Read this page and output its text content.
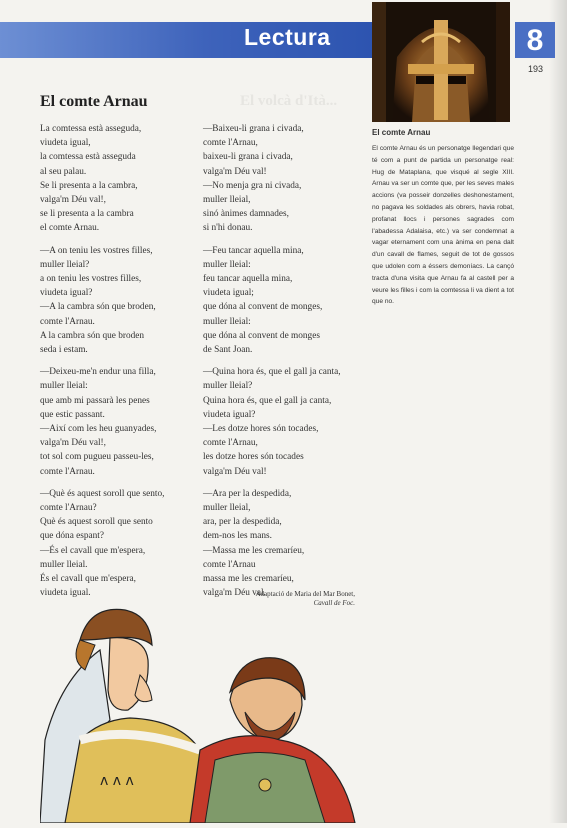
Lectura	8
193
El volcà d'Ità...
El comte Arnau
La comtessa està asseguda,
viudeta igual,
la comtessa està asseguda
al seu palau.
Se li presenta a la cambra,
valga'm Déu val!,
se li presenta a la cambra
el comte Arnau.
—A on teniu les vostres filles,
muller lleial?
a on teniu les vostres filles,
viudeta igual?
—A la cambra són que broden,
comte l'Arnau.
A la cambra són que broden
seda i estam.
—Deixeu-me'n endur una filla,
muller lleial:
que amb mi passarà les penes
que estic passant.
—Així com les heu guanyades,
valga'm Déu val!,
tot sol com pugueu passeu-les,
comte l'Arnau.
—Què és aquest soroll que sento,
comte l'Arnau?
Què és aquest soroll que sento
que dóna espant?
—És el cavall que m'espera,
muller lleial.
És el cavall que m'espera,
viudeta igual.
—Baixeu-li grana i civada,
comte l'Arnau,
baixeu-li grana i civada,
valga'm Déu val!
—No menja gra ni civada,
muller lleial,
sinó ànimes damnades,
si n'hi donau.
—Feu tancar aquella mina,
muller lleial:
feu tancar aquella mina,
viudeta igual;
que dóna al convent de monges,
muller lleial:
que dóna al convent de monges
de Sant Joan.
—Quina hora és, que el gall ja canta,
muller lleial?
Quina hora és, que el gall ja canta,
viudeta igual?
—Les dotze hores són tocades,
comte l'Arnau,
les dotze hores són tocades
valga'm Déu val!
—Ara per la despedida,
muller lleial,
ara, per la despedida,
dem-nos les mans.
—Massa me les cremaríeu,
comte l'Arnau
massa me les cremaríeu,
valga'm Déu val.
Adaptació de Maria del Mar Bonet,
Cavall de Foc.
El comte Arnau
El comte Arnau és un personatge llegendari que té com a punt de partida un personatge real: Hug de Mataplana, que visqué al segle XIII. Arnau va ser un comte que, per les seves males accions (va posseir donzelles deshonestament, no pagava les soldades als obrers, havia robat, profanat llocs i persones sagrades com l'abadessa Adalaisa, etc.) va ser condemnat a vagar eternament com una ànima en pena dalt d'un cavall de flames, seguit de tot de gossos que udolen com a éssers demoníacs. La cançó tracta d'una visita que Arnau fa al castell per a veure les filles i com la comtessa li va dient a tot que no.
ᴧ ᴧ ᴧ
